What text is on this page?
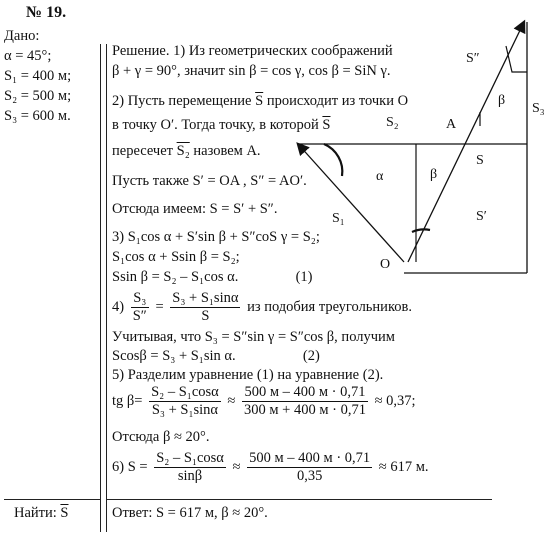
№ 19.
Дано:
α = 45°;
S₁ = 400 м;
S₂ = 500 м;
S₃ = 600 м.
Найти: $\overline{S}$
Решение. 1) Из геометрических соображений
β + γ = 90°, значит sin β = cos γ, cos β = SiN γ.
2) Пусть перемещение $\overline{S}$ происходит из точки O
в точку O′. Тогда точку, в которой $\overline{S}$
пересечет S₂ назовем А.
Пусть также S′ = OA , S″ = AO′.
Отсюда имеем: S = S′ + S″.
3) S₁cos α + S′sin β + S″coS γ = S₂;
S₁cos α + Ssin β = S₂;
Ssin β = S₂ – S₁cos α.	(1)
$4) \frac{\text{S₃}}{S''} = \frac{\text{S₃ + S₁sinα}}{S}$ из подобия треугольников.
Учитывая, что S₃ = S″sin γ = S″cos β, получим
Scosβ = S₃ + S₁sin α.	(2)
5) Разделим уравнение (1) на уравнение (2).
tg $\beta= \frac{\text{S₂ – S₁cosα}}{\text{S₃ + S₁sinα}} \approx \frac{500 м - 400 м \cdot 0,71}{300 м + 400 м \cdot 0,71} \approx 0,37$;
Отсюда β ≈ 20°.
6) $S = \frac{\text{S₂ – S₁cosα}}{\sin\beta} \approx \frac{500 м - 400 м \cdot 0,71}{0,35} \approx 617$ м.
Ответ: S = 617 м, β ≈ 20°.
S″
S₂	A
β
S₃
S
α	β
S′
S₁
O
